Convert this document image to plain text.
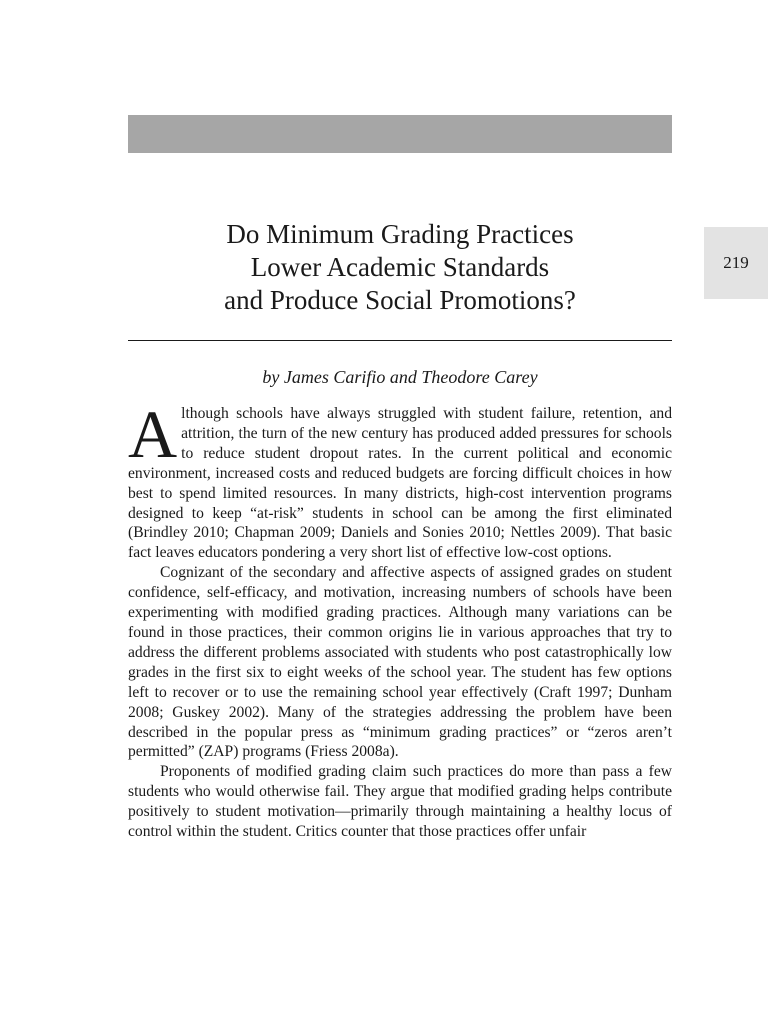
219
Do Minimum Grading Practices
Lower Academic Standards
and Produce Social Promotions?
by James Carifio and Theodore Carey

Although schools have always struggled with student failure, retention, and attrition, the turn of the new century has produced added pressures for schools to reduce student dropout rates. In the current political and economic environment, increased costs and reduced budgets are forcing difficult choices in how best to spend limited resources. In many districts, high-cost intervention programs designed to keep “at-risk” students in school can be among the first eliminated (Brindley 2010; Chapman 2009; Daniels and Sonies 2010; Nettles 2009). That basic fact leaves educators pondering a very short list of effective low-cost options.

Cognizant of the secondary and affective aspects of assigned grades on student confidence, self-efficacy, and motivation, increasing numbers of schools have been experimenting with modified grading practices. Although many variations can be found in those practices, their common origins lie in various approaches that try to address the different problems associated with students who post catastrophically low grades in the first six to eight weeks of the school year. The student has few options left to recover or to use the remaining school year effectively (Craft 1997; Dunham 2008; Guskey 2002). Many of the strategies addressing the problem have been described in the popular press as “minimum grading practices” or “zeros aren’t permitted” (ZAP) programs (Friess 2008a).

Proponents of modified grading claim such practices do more than pass a few students who would otherwise fail. They argue that modified grading helps contribute positively to student motivation—primarily through maintaining a healthy locus of control within the student. Critics counter that those practices offer unfair
